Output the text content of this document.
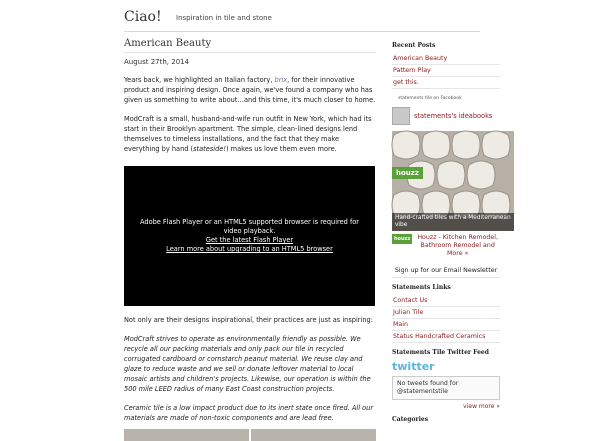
Ciao! Inspiration in tile and stone
American Beauty
August 27th, 2014

Years back, we highlighted an Italian factory, brix, for their innovative product and inspiring design. Once again, we've found a company who has given us something to write about…and this time, it's much closer to home.

ModCraft is a small, husband-and-wife run outfit in New York, which had its start in their Brooklyn apartment. The simple, clean-lined designs lend themselves to timeless installations, and the fact that they make everything by hand (stateside!) makes us love them even more.

Adobe Flash Player or an HTML5 supported browser is required for video playback.
Get the latest Flash Player
Learn more about upgrading to an HTML5 browser

Not only are their designs inspirational, their practices are just as inspiring:

ModCraft strives to operate as environmentally friendly as possible. We recycle all our packing materials and only pack our tile in recycled corrugated cardboard or cornstarch peanut material. We reuse clay and glaze to reduce waste and we sell or donate leftover material to local mosaic artists and children's projects. Likewise, our operation is within the 500 mile LEED radius of many East Coast construction projects.

Ceramic tile is a low impact product due to its inert state once fired. All our materials are made of non-toxic components and are lead free.

Recent Posts
American Beauty
Pattern Play
get this.
statements tile on Facebook
statements's ideabooks
houzz
Hand-crafted tiles with a Mediterranean vibe
houzz	Houzz - Kitchen Remodel, Bathroom Remodel and More »
Sign up for our Email Newsletter
Statements Links
Contact Us
Julian Tile
Main
Status Handcrafted Ceramics
Statements Tile Twitter Feed
twitter
No tweets found for @statementstile
view more »
Categories
